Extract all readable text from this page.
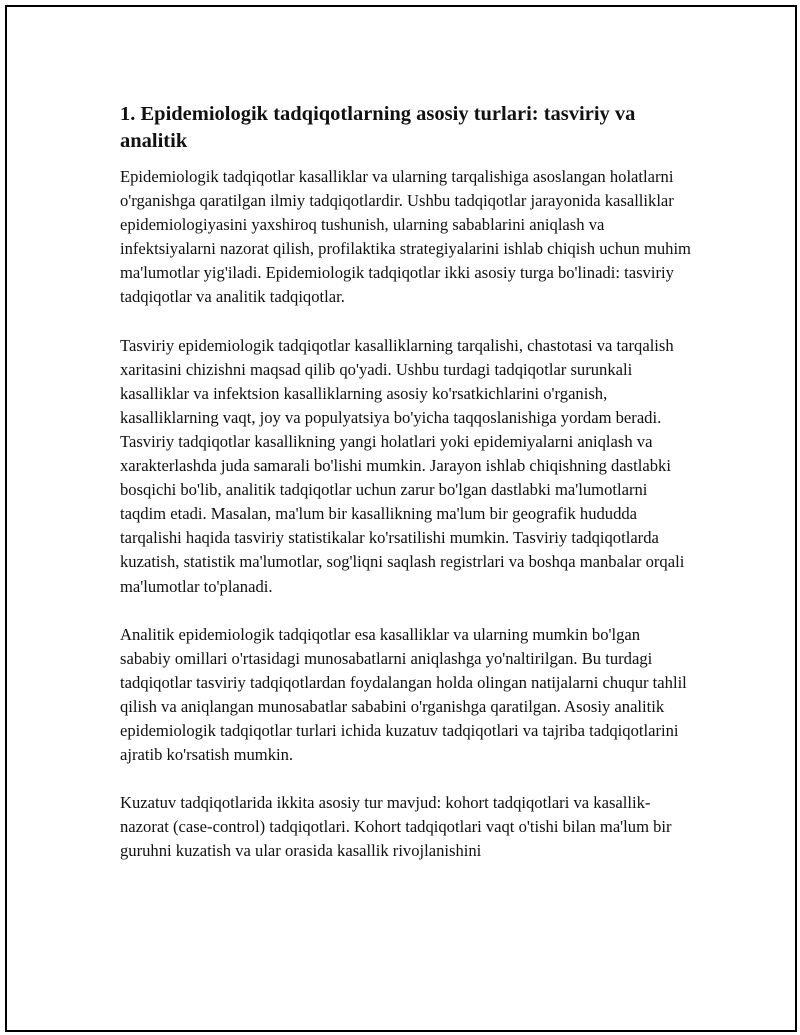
1. Epidemiologik tadqiqotlarning asosiy turlari: tasviriy va analitik

Epidemiologik tadqiqotlar kasalliklar va ularning tarqalishiga asoslangan holatlarni o'rganishga qaratilgan ilmiy tadqiqotlardir. Ushbu tadqiqotlar jarayonida kasalliklar epidemiologiyasini yaxshiroq tushunish, ularning sabablarini aniqlash va infektsiyalarni nazorat qilish, profilaktika strategiyalarini ishlab chiqish uchun muhim ma'lumotlar yig'iladi. Epidemiologik tadqiqotlar ikki asosiy turga bo'linadi: tasviriy tadqiqotlar va analitik tadqiqotlar.

Tasviriy epidemiologik tadqiqotlar kasalliklarning tarqalishi, chastotasi va tarqalish xaritasini chizishni maqsad qilib qo'yadi. Ushbu turdagi tadqiqotlar surunkali kasalliklar va infektsion kasalliklarning asosiy ko'rsatkichlarini o'rganish, kasalliklarning vaqt, joy va populyatsiya bo'yicha taqqoslanishiga yordam beradi. Tasviriy tadqiqotlar kasallikning yangi holatlari yoki epidemiyalarni aniqlash va xarakterlashda juda samarali bo'lishi mumkin. Jarayon ishlab chiqishning dastlabki bosqichi bo'lib, analitik tadqiqotlar uchun zarur bo'lgan dastlabki ma'lumotlarni taqdim etadi. Masalan, ma'lum bir kasallikning ma'lum bir geografik hududda tarqalishi haqida tasviriy statistikalar ko'rsatilishi mumkin. Tasviriy tadqiqotlarda kuzatish, statistik ma'lumotlar, sog'liqni saqlash registrlari va boshqa manbalar orqali ma'lumotlar to'planadi.

Analitik epidemiologik tadqiqotlar esa kasalliklar va ularning mumkin bo'lgan sababiy omillari o'rtasidagi munosabatlarni aniqlashga yo'naltirilgan. Bu turdagi tadqiqotlar tasviriy tadqiqotlardan foydalangan holda olingan natijalarni chuqur tahlil qilish va aniqlangan munosabatlar sababini o'rganishga qaratilgan. Asosiy analitik epidemiologik tadqiqotlar turlari ichida kuzatuv tadqiqotlari va tajriba tadqiqotlarini ajratib ko'rsatish mumkin.

Kuzatuv tadqiqotlarida ikkita asosiy tur mavjud: kohort tadqiqotlari va kasallik-nazorat (case-control) tadqiqotlari. Kohort tadqiqotlari vaqt o'tishi bilan ma'lum bir guruhni kuzatish va ular orasida kasallik rivojlanishini
